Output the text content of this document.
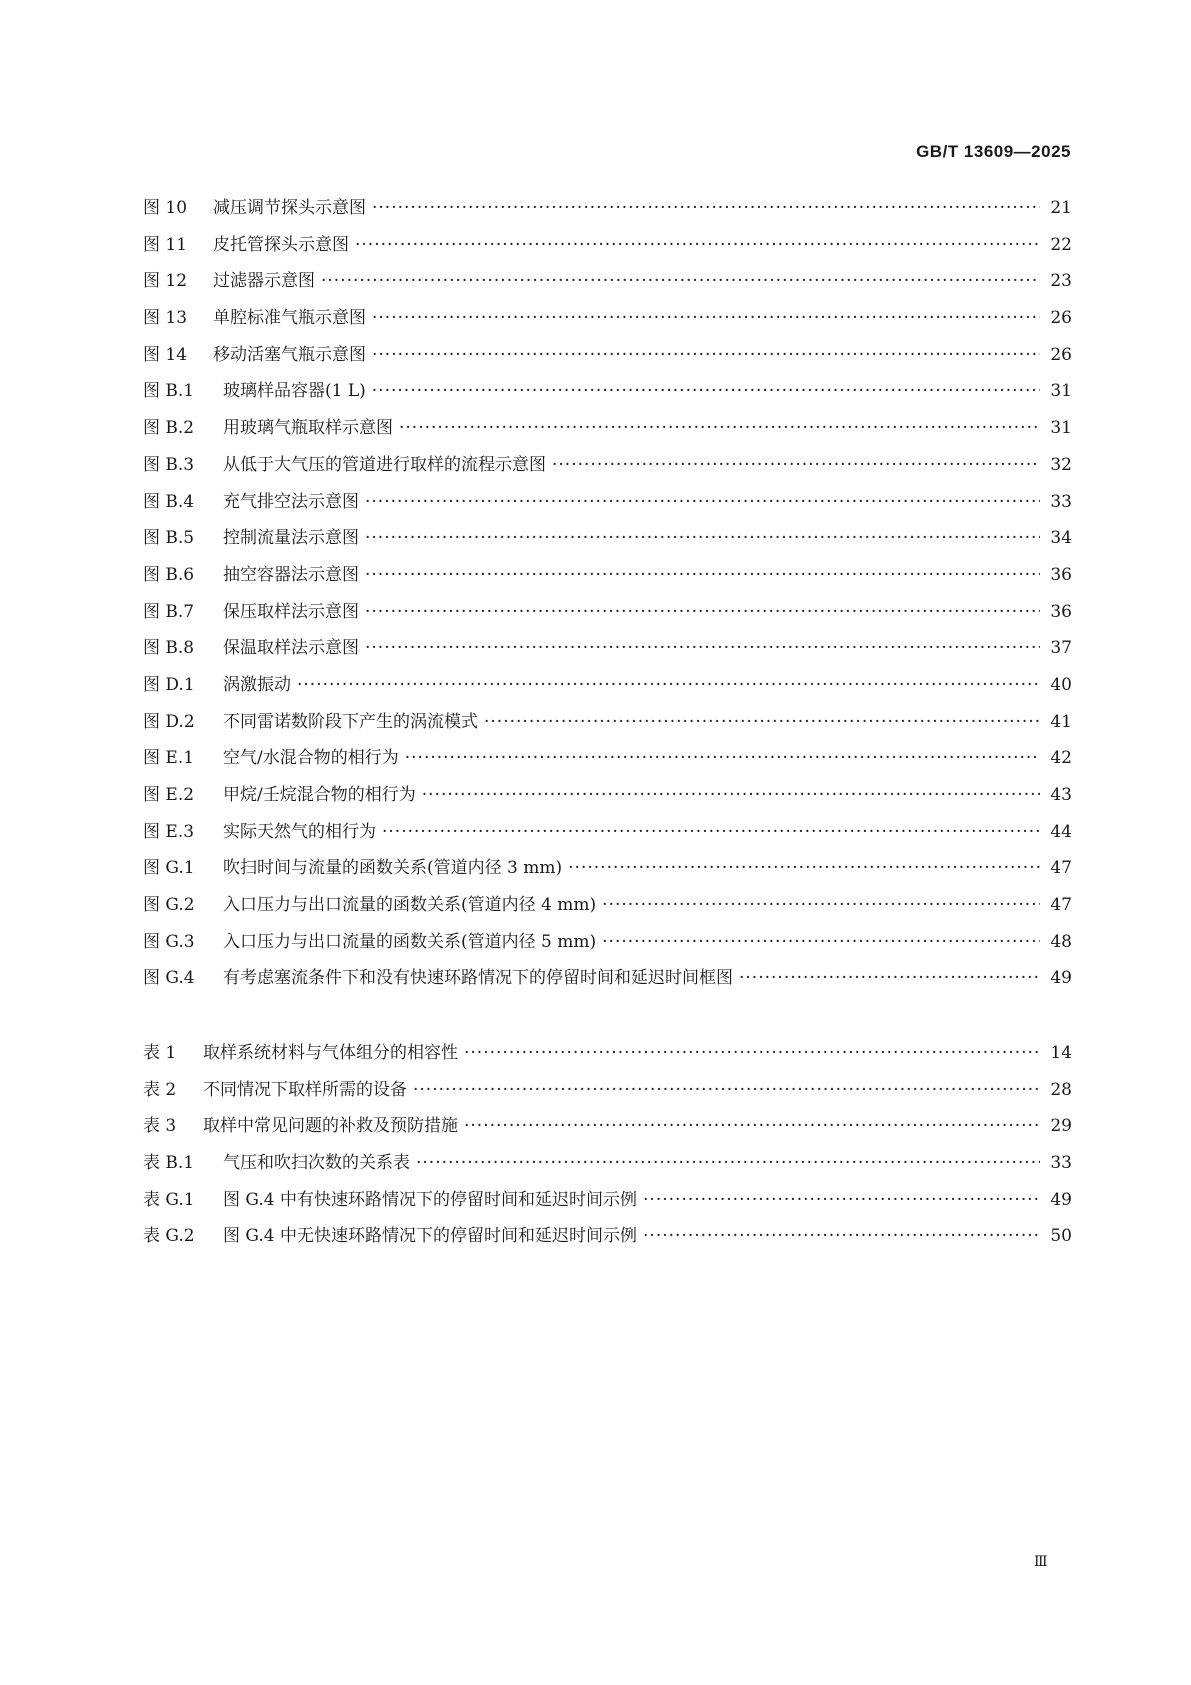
GB/T 13609—2025
图 10	减压调节探头示意图 ·····	21
图 11	皮托管探头示意图 ·····	22
图 12	过滤器示意图 ·····	23
图 13	单腔标准气瓶示意图 ·····	26
图 14	移动活塞气瓶示意图 ·····	26
图 B.1	玻璃样品容器(1 L) ·····	31
图 B.2	用玻璃气瓶取样示意图 ·····	31
图 B.3	从低于大气压的管道进行取样的流程示意图 ·····	32
图 B.4	充气排空法示意图 ·····	33
图 B.5	控制流量法示意图 ·····	34
图 B.6	抽空容器法示意图 ·····	36
图 B.7	保压取样法示意图 ·····	36
图 B.8	保温取样法示意图 ·····	37
图 D.1	涡激振动 ·····	40
图 D.2	不同雷诺数阶段下产生的涡流模式 ·····	41
图 E.1	空气/水混合物的相行为 ·····	42
图 E.2	甲烷/壬烷混合物的相行为 ·····	43
图 E.3	实际天然气的相行为 ·····	44
图 G.1	吹扫时间与流量的函数关系(管道内径 3 mm) ·····	47
图 G.2	入口压力与出口流量的函数关系(管道内径 4 mm) ·····	47
图 G.3	入口压力与出口流量的函数关系(管道内径 5 mm) ·····	48
图 G.4	有考虑塞流条件下和没有快速环路情况下的停留时间和延迟时间框图 ·····	49
表 1	取样系统材料与气体组分的相容性 ·····	14
表 2	不同情况下取样所需的设备 ·····	28
表 3	取样中常见问题的补救及预防措施 ·····	29
表 B.1	气压和吹扫次数的关系表 ·····	33
表 G.1	图 G.4 中有快速环路情况下的停留时间和延迟时间示例 ·····	49
表 G.2	图 G.4 中无快速环路情况下的停留时间和延迟时间示例 ·····	50
Ⅲ
